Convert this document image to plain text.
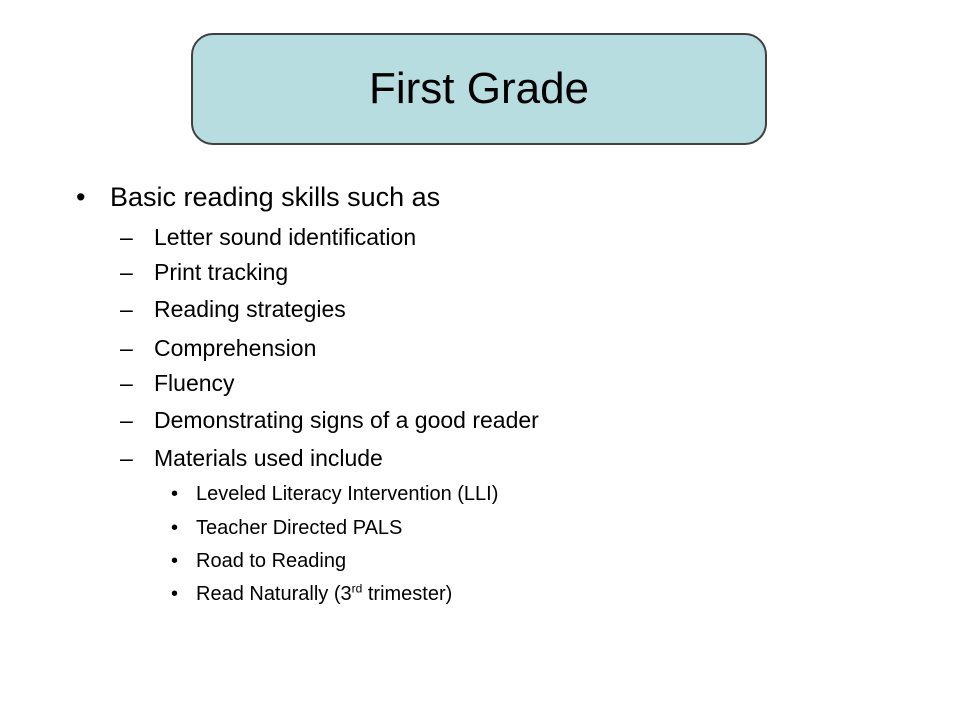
First Grade
• Basic reading skills such as
– Letter sound identification
– Print tracking
– Reading strategies
– Comprehension
– Fluency
– Demonstrating signs of a good reader
– Materials used include
• Leveled Literacy Intervention (LLI)
• Teacher Directed PALS
• Road to Reading
• Read Naturally (3rd trimester)
